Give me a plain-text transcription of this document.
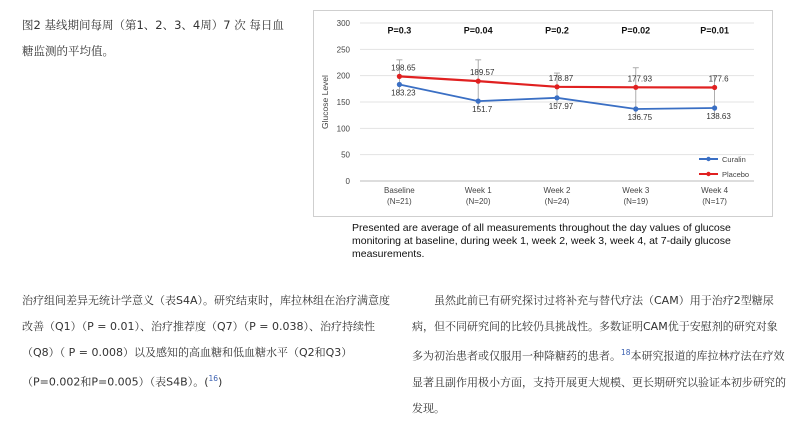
图2 基线期间每周（第1、2、3、4周）7 次 每日血糖监测的平均值。
0
50
100
150
200
250
300
Glucose Level
Baseline
(N=21)
Week 1
(N=20)
Week 2
(N=24)
Week 3
(N=19)
Week 4
(N=17)
P=0.3	P=0.04	P=0.2	P=0.02	P=0.01
183.23
151.7	157.97
136.75	138.63
198.65
189.57
178.87	177.93	177.6
Curalin
Placebo
Presented are average of all measurements throughout the day values of glucose monitoring at baseline, during week 1, week 2, week 3, week 4, at 7-daily glucose measurements.
治疗组间差异无统计学意义（表S4A）。研究结束时，库拉林组在治疗满意度改善（Q1）（P = 0.01）、治疗推荐度（Q7）（P = 0.038）、治疗持续性（Q8）（ P = 0.008）以及感知的高血糖和低血糖水平（Q2和Q3）（P=0.002和P=0.005）（表S4B）。($^{16}$)
虽然此前已有研究探讨过将补充与替代疗法（CAM）用于治疗2型糖尿病，但不同研究间的比较仍具挑战性。多数证明CAM优于安慰剂的研究对象多为初治患者或仅服用一种降糖药的患者。$^{18}$本研究报道的库拉林疗法在疗效显著且副作用极小方面，支持开展更大规模、更长期研究以验证本初步研究的发现。
